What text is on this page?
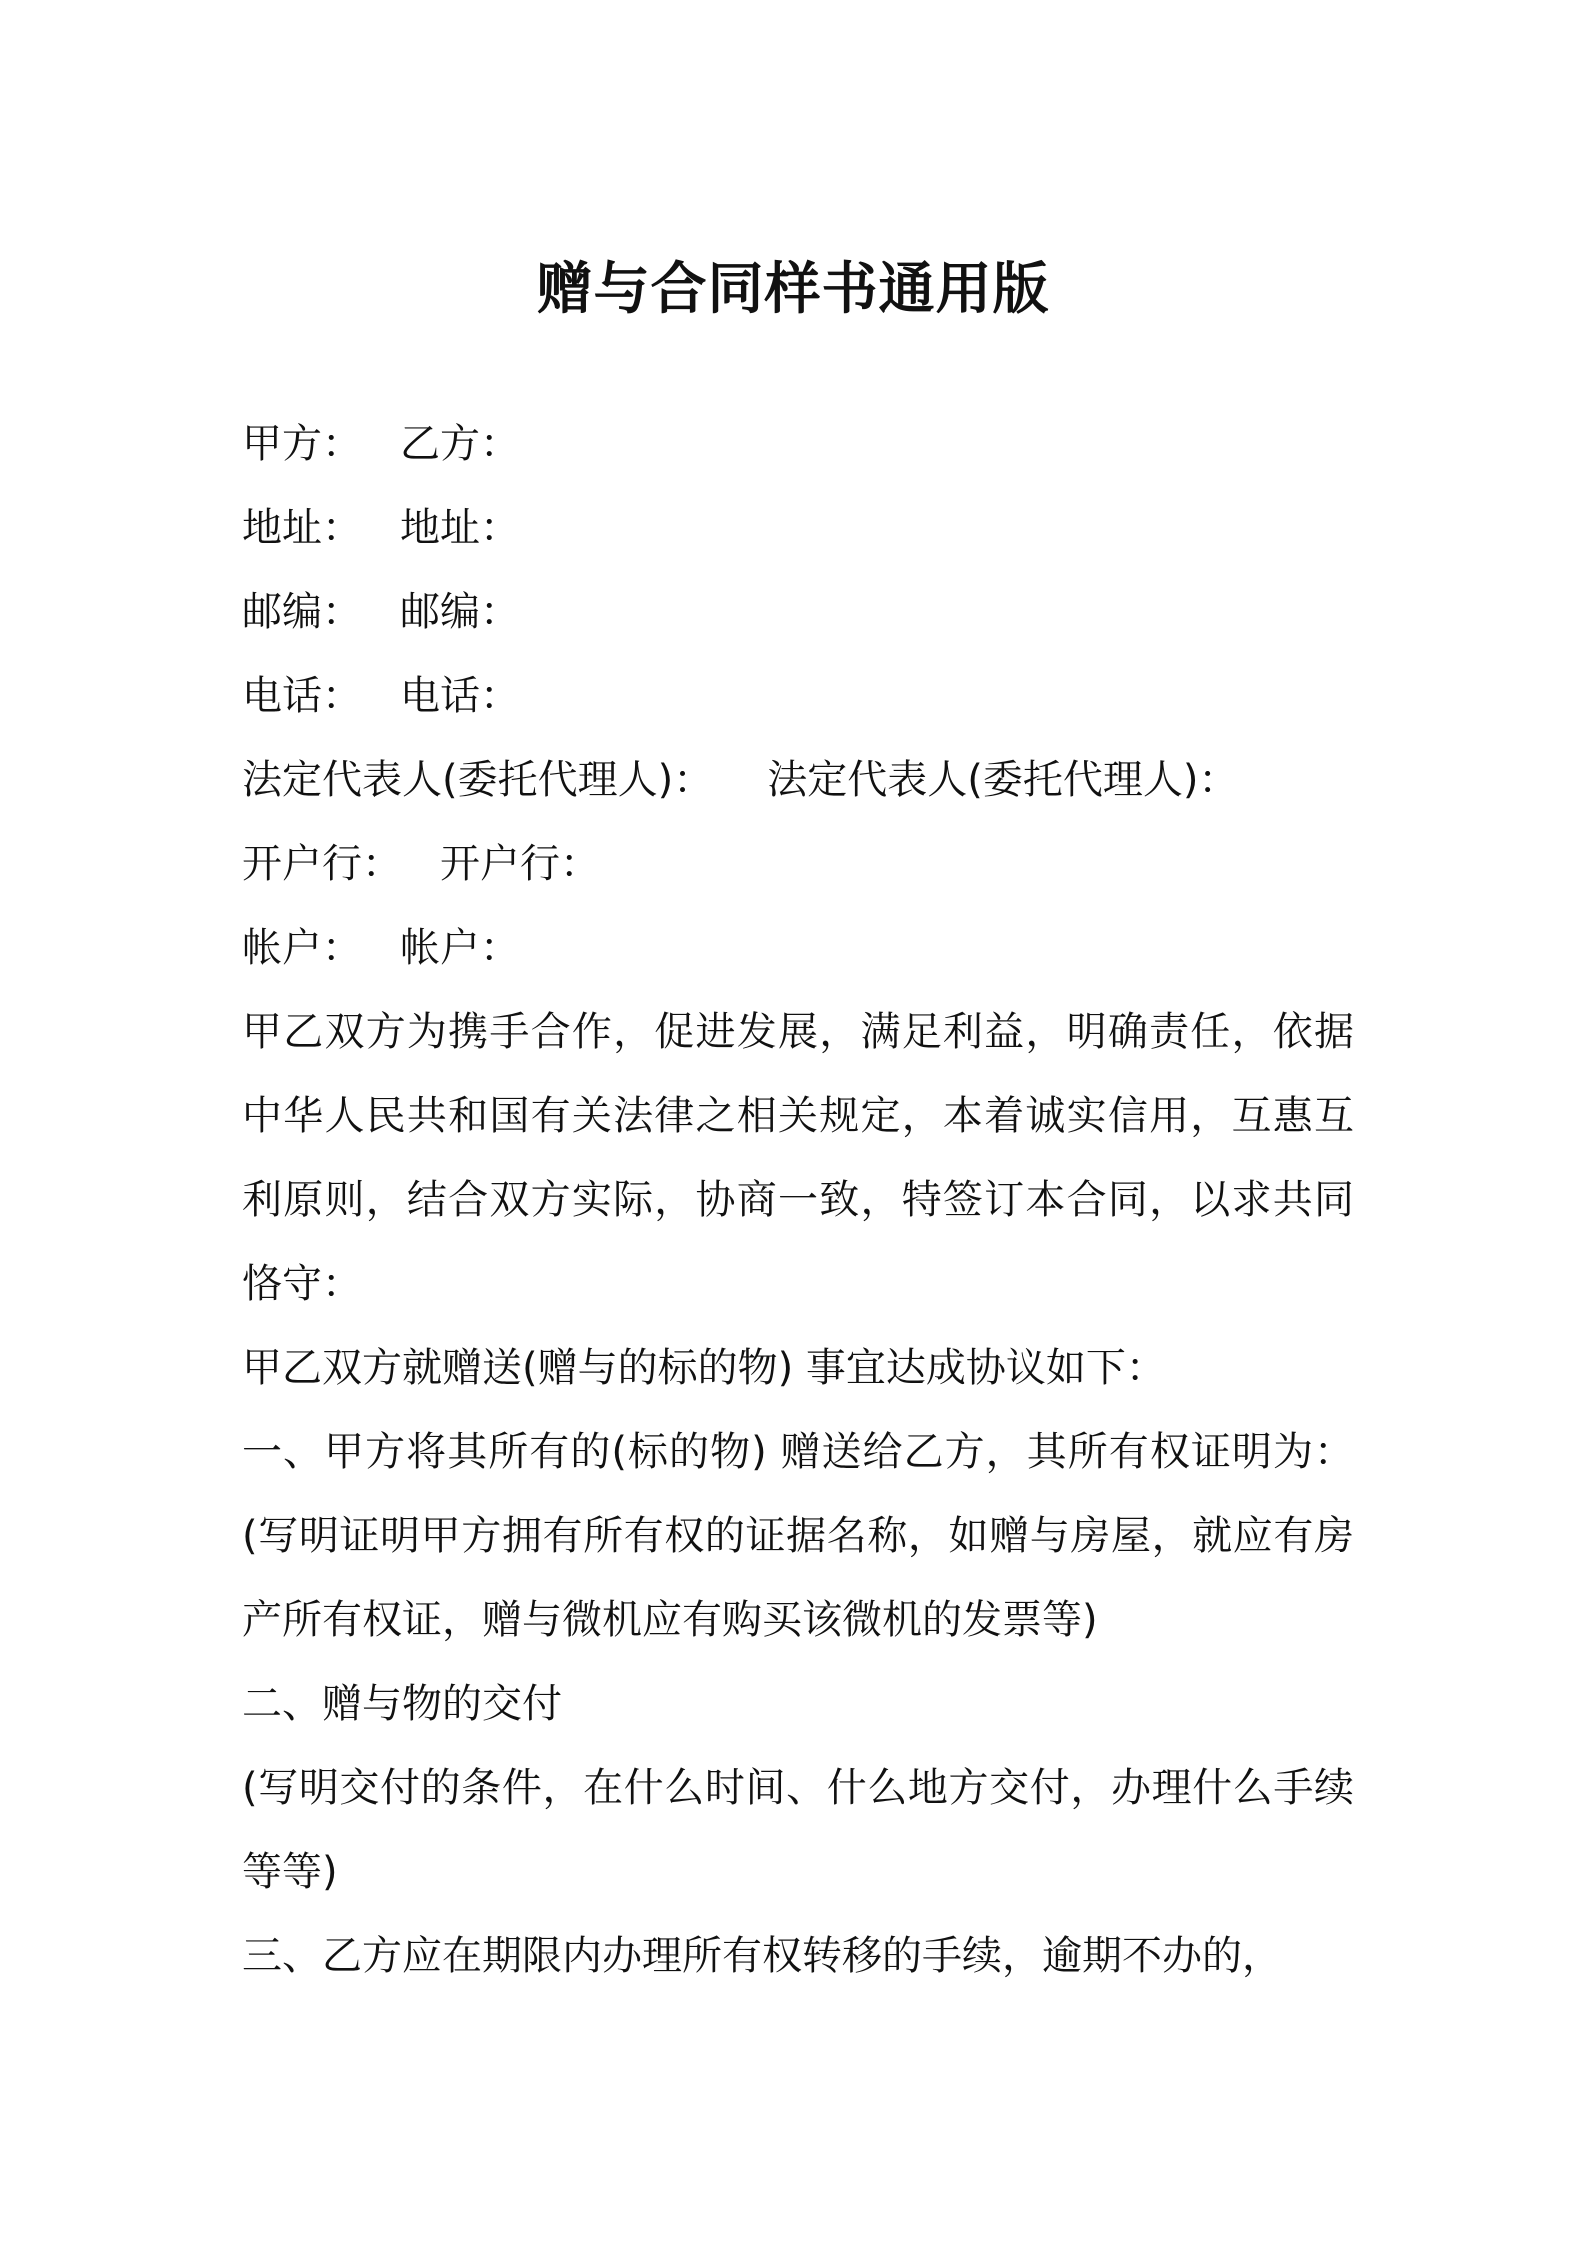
赠与合同样书通用版
甲方： 乙方：
地址： 地址：
邮编： 邮编：
电话： 电话：
法定代表人(委托代理人)： 法定代表人(委托代理人)：
开户行： 开户行：
帐户： 帐户：
甲乙双方为携手合作，促进发展，满足利益，明确责任，依据中华人民共和国有关法律之相关规定，本着诚实信用，互惠互利原则，结合双方实际，协商一致，特签订本合同，以求共同恪守：
甲乙双方就赠送(赠与的标的物) 事宜达成协议如下：
一、甲方将其所有的(标的物) 赠送给乙方，其所有权证明为：(写明证明甲方拥有所有权的证据名称，如赠与房屋，就应有房产所有权证，赠与微机应有购买该微机的发票等)
二、赠与物的交付
(写明交付的条件，在什么时间、什么地方交付，办理什么手续等等)
三、乙方应在期限内办理所有权转移的手续，逾期不办的，
